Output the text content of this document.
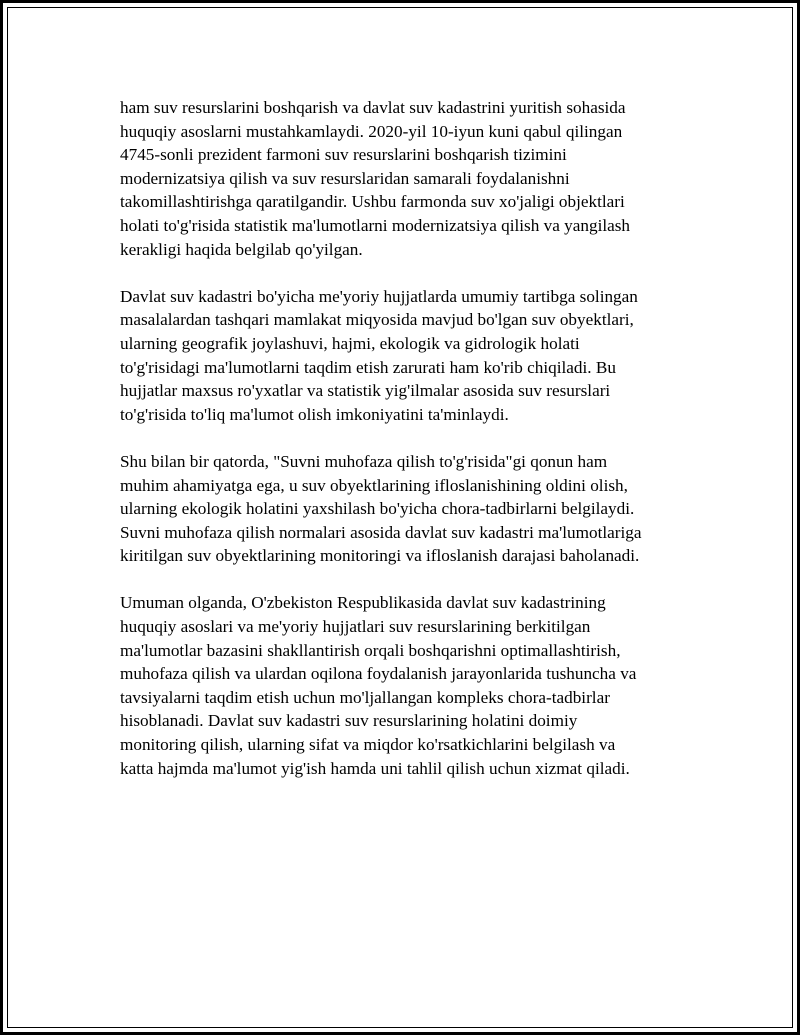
ham suv resurslarini boshqarish va davlat suv kadastrini yuritish sohasida
huquqiy asoslarni mustahkamlaydi. 2020-yil 10-iyun kuni qabul qilingan
4745-sonli prezident farmoni suv resurslarini boshqarish tizimini
modernizatsiya qilish va suv resurslaridan samarali foydalanishni
takomillashtirishga qaratilgandir. Ushbu farmonda suv xo'jaligi objektlari
holati to'g'risida statistik ma'lumotlarni modernizatsiya qilish va yangilash
kerakligi haqida belgilab qo'yilgan.

Davlat suv kadastri bo'yicha me'yoriy hujjatlarda umumiy tartibga solingan
masalalardan tashqari mamlakat miqyosida mavjud bo'lgan suv obyektlari,
ularning geografik joylashuvi, hajmi, ekologik va gidrologik holati
to'g'risidagi ma'lumotlarni taqdim etish zarurati ham ko'rib chiqiladi. Bu
hujjatlar maxsus ro'yxatlar va statistik yig'ilmalar asosida suv resurslari
to'g'risida to'liq ma'lumot olish imkoniyatini ta'minlaydi.

Shu bilan bir qatorda, "Suvni muhofaza qilish to'g'risida"gi qonun ham
muhim ahamiyatga ega, u suv obyektlarining ifloslanishining oldini olish,
ularning ekologik holatini yaxshilash bo'yicha chora-tadbirlarni belgilaydi.
Suvni muhofaza qilish normalari asosida davlat suv kadastri ma'lumotlariga
kiritilgan suv obyektlarining monitoringi va ifloslanish darajasi baholanadi.

Umuman olganda, O'zbekiston Respublikasida davlat suv kadastrining
huquqiy asoslari va me'yoriy hujjatlari suv resurslarining berkitilgan
ma'lumotlar bazasini shakllantirish orqali boshqarishni optimallashtirish,
muhofaza qilish va ulardan oqilona foydalanish jarayonlarida tushuncha va
tavsiyalarni taqdim etish uchun mo'ljallangan kompleks chora-tadbirlar
hisoblanadi. Davlat suv kadastri suv resurslarining holatini doimiy
monitoring qilish, ularning sifat va miqdor ko'rsatkichlarini belgilash va
katta hajmda ma'lumot yig'ish hamda uni tahlil qilish uchun xizmat qiladi.
